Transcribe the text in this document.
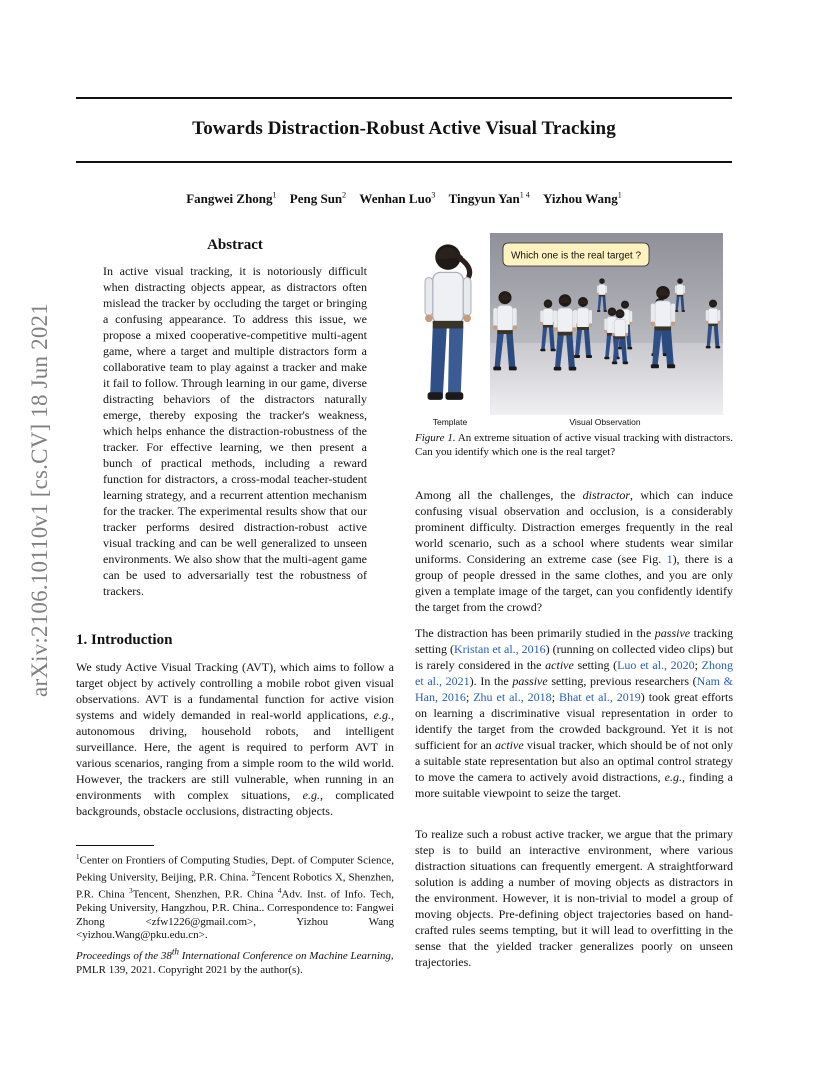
arXiv:2106.10110v1 [cs.CV] 18 Jun 2021
Towards Distraction-Robust Active Visual Tracking
Fangwei Zhong$^1$ Peng Sun$^2$ Wenhan Luo$^3$ Tingyun Yan$^{1 4}$ Yizhou Wang$^1$
Abstract

In active visual tracking, it is notoriously difficult when distracting objects appear, as distractors often mislead the tracker by occluding the target or bringing a confusing appearance. To address this issue, we propose a mixed cooperative-competitive multi-agent game, where a target and multiple distractors form a collaborative team to play against a tracker and make it fail to follow. Through learning in our game, diverse distracting behaviors of the distractors naturally emerge, thereby exposing the tracker's weakness, which helps enhance the distraction-robustness of the tracker. For effective learning, we then present a bunch of practical methods, including a reward function for distractors, a cross-modal teacher-student learning strategy, and a recurrent attention mechanism for the tracker. The experimental results show that our tracker performs desired distraction-robust active visual tracking and can be well generalized to unseen environments. We also show that the multi-agent game can be used to adversarially test the robustness of trackers.

1. Introduction

We study Active Visual Tracking (AVT), which aims to follow a target object by actively controlling a mobile robot given visual observations. AVT is a fundamental function for active vision systems and widely demanded in real-world applications, e.g., autonomous driving, household robots, and intelligent surveillance. Here, the agent is required to perform AVT in various scenarios, ranging from a simple room to the wild world. However, the trackers are still vulnerable, when running in an environments with complex situations, e.g., complicated backgrounds, obstacle occlusions, distracting objects.

$^1$Center on Frontiers of Computing Studies, Dept. of Computer Science, Peking University, Beijing, P.R. China. $^2$Tencent Robotics X, Shenzhen, P.R. China $^3$Tencent, Shenzhen, P.R. China $^4$Adv. Inst. of Info. Tech, Peking University, Hangzhou, P.R. China.. Correspondence to: Fangwei Zhong <zfw1226@gmail.com>, Yizhou Wang <yizhou.Wang@pku.edu.cn>.

Proceedings of the 38th International Conference on Machine Learning, PMLR 139, 2021. Copyright 2021 by the author(s).

Which one is the real target ?
Template	Visual Observation

Figure 1. An extreme situation of active visual tracking with distractors. Can you identify which one is the real target?

Among all the challenges, the distractor, which can induce confusing visual observation and occlusion, is a considerably prominent difficulty. Distraction emerges frequently in the real world scenario, such as a school where students wear similar uniforms. Considering an extreme case (see Fig. 1), there is a group of people dressed in the same clothes, and you are only given a template image of the target, can you confidently identify the target from the crowd?

The distraction has been primarily studied in the passive tracking setting (Kristan et al., 2016) (running on collected video clips) but is rarely considered in the active setting (Luo et al., 2020; Zhong et al., 2021). In the passive setting, previous researchers (Nam & Han, 2016; Zhu et al., 2018; Bhat et al., 2019) took great efforts on learning a discriminative visual representation in order to identify the target from the crowded background. Yet it is not sufficient for an active visual tracker, which should be of not only a suitable state representation but also an optimal control strategy to move the camera to actively avoid distractions, e.g., finding a more suitable viewpoint to seize the target.

To realize such a robust active tracker, we argue that the primary step is to build an interactive environment, where various distraction situations can frequently emergent. A straightforward solution is adding a number of moving objects as distractors in the environment. However, it is non-trivial to model a group of moving objects. Pre-defining object trajectories based on hand-crafted rules seems tempting, but it will lead to overfitting in the sense that the yielded tracker generalizes poorly on unseen trajectories.
